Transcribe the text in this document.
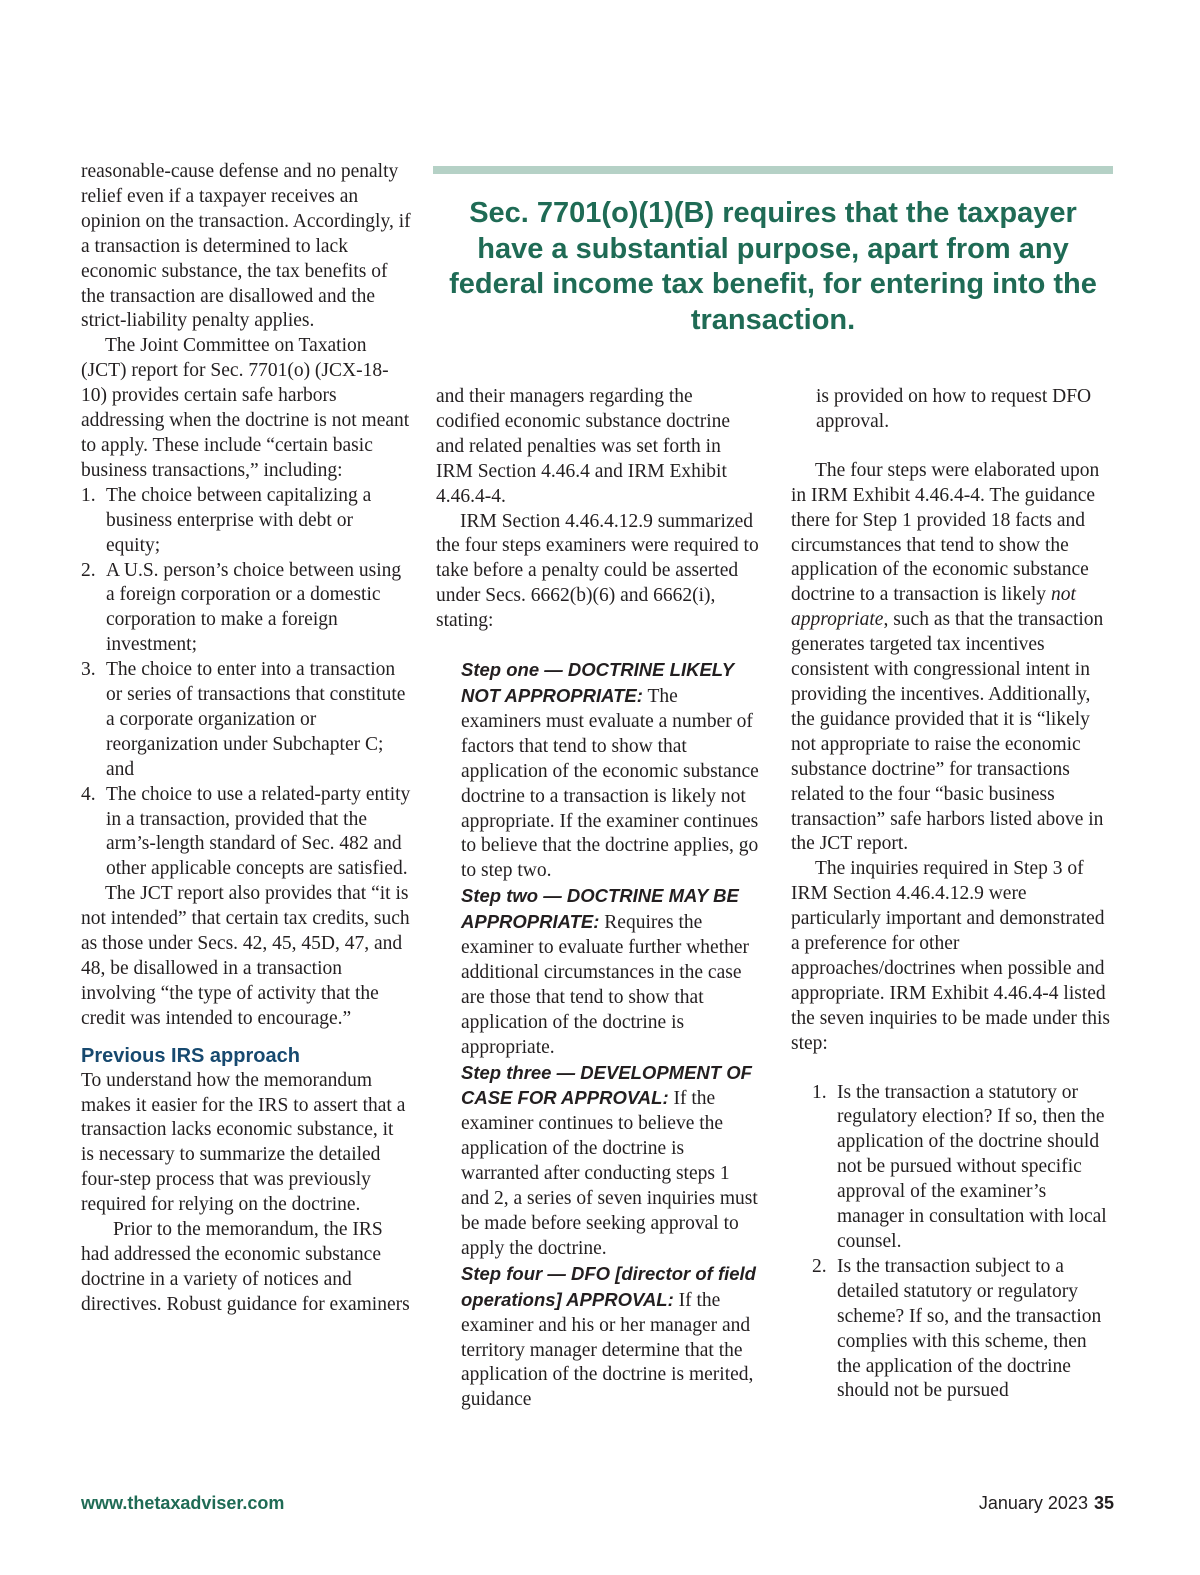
Sec. 7701(o)(1)(B) requires that the taxpayer have a substantial purpose, apart from any federal income tax benefit, for entering into the transaction.

reasonable-cause defense and no penalty relief even if a taxpayer receives an opinion on the transaction. Accordingly, if a transaction is determined to lack economic substance, the tax benefits of the transaction are disallowed and the strict-liability penalty applies.

The Joint Committee on Taxation (JCT) report for Sec. 7701(o) (JCX-18-10) provides certain safe harbors addressing when the doctrine is not meant to apply. These include “certain basic business transactions,” including:

1. The choice between capitalizing a business enterprise with debt or equity;
2. A U.S. person’s choice between using a foreign corporation or a domestic corporation to make a foreign investment;
3. The choice to enter into a transaction or series of transactions that constitute a corporate organization or reorganization under Subchapter C; and
4. The choice to use a related-party entity in a transaction, provided that the arm’s-length standard of Sec. 482 and other applicable concepts are satisfied.

The JCT report also provides that “it is not intended” that certain tax credits, such as those under Secs. 42, 45, 45D, 47, and 48, be disallowed in a transaction involving “the type of activity that the credit was intended to encourage.”

Previous IRS approach

To understand how the memorandum makes it easier for the IRS to assert that a transaction lacks economic substance, it is necessary to summarize the detailed four-step process that was previously required for relying on the doctrine.

Prior to the memorandum, the IRS had addressed the economic substance doctrine in a variety of notices and directives. Robust guidance for examiners

and their managers regarding the codified economic substance doctrine and related penalties was set forth in IRM Section 4.46.4 and IRM Exhibit 4.46.4-4.

IRM Section 4.46.4.12.9 summarized the four steps examiners were required to take before a penalty could be asserted under Secs. 6662(b)(6) and 6662(i), stating:

Step one — DOCTRINE LIKELY NOT APPROPRIATE: The examiners must evaluate a number of factors that tend to show that application of the economic substance doctrine to a transaction is likely not appropriate. If the examiner continues to believe that the doctrine applies, go to step two.

Step two — DOCTRINE MAY BE APPROPRIATE: Requires the examiner to evaluate further whether additional circumstances in the case are those that tend to show that application of the doctrine is appropriate.

Step three — DEVELOPMENT OF CASE FOR APPROVAL: If the examiner continues to believe the application of the doctrine is warranted after conducting steps 1 and 2, a series of seven inquiries must be made before seeking approval to apply the doctrine.

Step four — DFO [director of field operations] APPROVAL: If the examiner and his or her manager and territory manager determine that the application of the doctrine is merited, guidance

is provided on how to request DFO approval.

The four steps were elaborated upon in IRM Exhibit 4.46.4-4. The guidance there for Step 1 provided 18 facts and circumstances that tend to show the application of the economic substance doctrine to a transaction is likely not appropriate, such as that the transaction generates targeted tax incentives consistent with congressional intent in providing the incentives. Additionally, the guidance provided that it is “likely not appropriate to raise the economic substance doctrine” for transactions related to the four “basic business transaction” safe harbors listed above in the JCT report.

The inquiries required in Step 3 of IRM Section 4.46.4.12.9 were particularly important and demonstrated a preference for other approaches/doctrines when possible and appropriate. IRM Exhibit 4.46.4-4 listed the seven inquiries to be made under this step:

1. Is the transaction a statutory or regulatory election? If so, then the application of the doctrine should not be pursued without specific approval of the examiner’s manager in consultation with local counsel.
2. Is the transaction subject to a detailed statutory or regulatory scheme? If so, and the transaction complies with this scheme, then the application of the doctrine should not be pursued
www.thetaxadviser.com	January 2023 35
